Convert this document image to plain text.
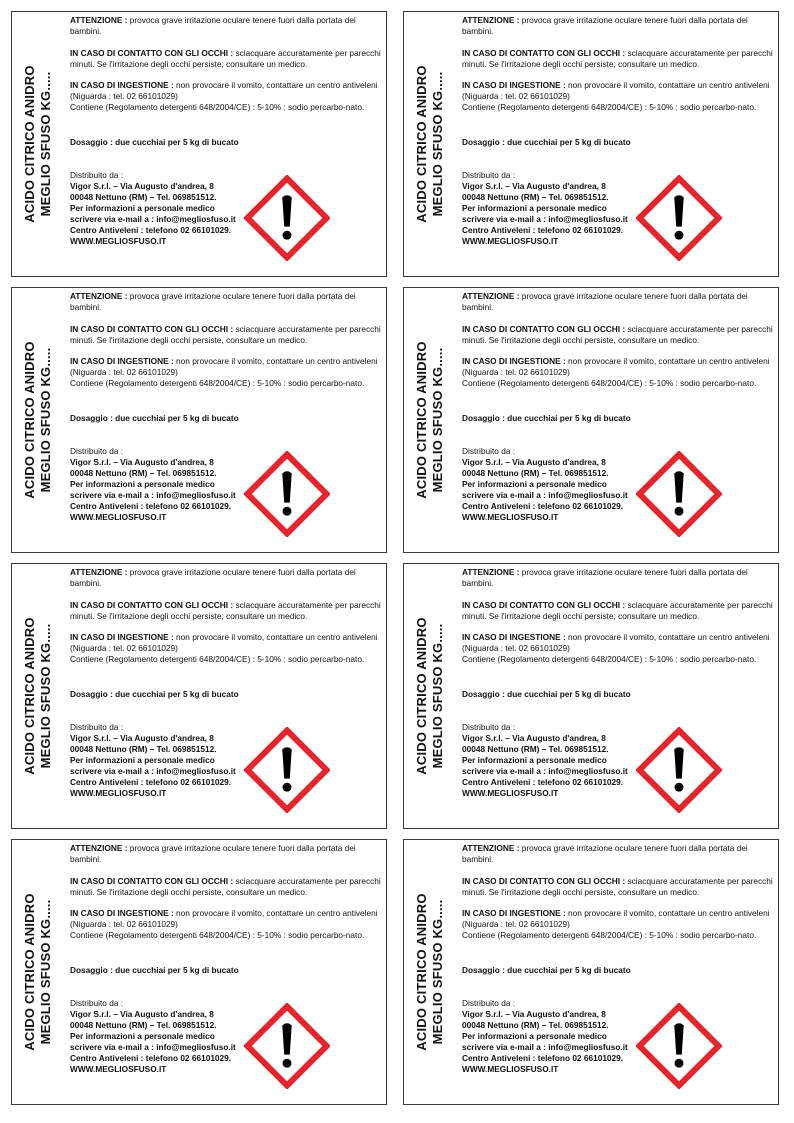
ACIDO CITRICO ANIDRO MEGLIO SFUSO KG.....

ATTENZIONE : provoca grave irritazione oculare tenere fuori dalla portata dei bambini.

IN CASO DI CONTATTO CON GLI OCCHI : sciacquare accuratamente per parecchi minuti. Se l'irritazione degli occhi persiste, consultare un medico.

IN CASO DI INGESTIONE : non provocare il vomito, contattare un centro antiveleni (Niguarda : tel. 02 66101029)

Contiene (Regolamento detergenti 648/2004/CE) : 5-10% : sodio percarbo-nato.

Dosaggio : due cucchiai per 5 kg di bucato

Distribuito da :

Vigor S.r.l. – Via Augusto d'andrea, 8

00048 Nettuno (RM) – Tel. 069851512.

Per informazioni a personale medico

scrivere via e-mail a : info@megliosfuso.it

Centro Antiveleni : telefono 02 66101029.

WWW.MEGLIOSFUSO.IT

ACIDO CITRICO ANIDRO MEGLIO SFUSO KG.....

ATTENZIONE : provoca grave irritazione oculare tenere fuori dalla portata dei bambini.

IN CASO DI CONTATTO CON GLI OCCHI : sciacquare accuratamente per parecchi minuti. Se l'irritazione degli occhi persiste, consultare un medico.

IN CASO DI INGESTIONE : non provocare il vomito, contattare un centro antiveleni (Niguarda : tel. 02 66101029)

Contiene (Regolamento detergenti 648/2004/CE) : 5-10% : sodio percarbo-nato.

Dosaggio : due cucchiai per 5 kg di bucato

Distribuito da :

Vigor S.r.l. – Via Augusto d'andrea, 8

00048 Nettuno (RM) – Tel. 069851512.

Per informazioni a personale medico

scrivere via e-mail a : info@megliosfuso.it

Centro Antiveleni : telefono 02 66101029.

WWW.MEGLIOSFUSO.IT

ACIDO CITRICO ANIDRO MEGLIO SFUSO KG.....

ATTENZIONE : provoca grave irritazione oculare tenere fuori dalla portata dei bambini.

IN CASO DI CONTATTO CON GLI OCCHI : sciacquare accuratamente per parecchi minuti. Se l'irritazione degli occhi persiste, consultare un medico.

IN CASO DI INGESTIONE : non provocare il vomito, contattare un centro antiveleni (Niguarda : tel. 02 66101029)

Contiene (Regolamento detergenti 648/2004/CE) : 5-10% : sodio percarbo-nato.

Dosaggio : due cucchiai per 5 kg di bucato

Distribuito da :

Vigor S.r.l. – Via Augusto d'andrea, 8

00048 Nettuno (RM) – Tel. 069851512.

Per informazioni a personale medico

scrivere via e-mail a : info@megliosfuso.it

Centro Antiveleni : telefono 02 66101029.

WWW.MEGLIOSFUSO.IT

ACIDO CITRICO ANIDRO MEGLIO SFUSO KG.....

ATTENZIONE : provoca grave irritazione oculare tenere fuori dalla portata dei bambini.

IN CASO DI CONTATTO CON GLI OCCHI : sciacquare accuratamente per parecchi minuti. Se l'irritazione degli occhi persiste, consultare un medico.

IN CASO DI INGESTIONE : non provocare il vomito, contattare un centro antiveleni (Niguarda : tel. 02 66101029)

Contiene (Regolamento detergenti 648/2004/CE) : 5-10% : sodio percarbo-nato.

Dosaggio : due cucchiai per 5 kg di bucato

Distribuito da :

Vigor S.r.l. – Via Augusto d'andrea, 8

00048 Nettuno (RM) – Tel. 069851512.

Per informazioni a personale medico

scrivere via e-mail a : info@megliosfuso.it

Centro Antiveleni : telefono 02 66101029.

WWW.MEGLIOSFUSO.IT

ACIDO CITRICO ANIDRO MEGLIO SFUSO KG.....

ATTENZIONE : provoca grave irritazione oculare tenere fuori dalla portata dei bambini.

IN CASO DI CONTATTO CON GLI OCCHI : sciacquare accuratamente per parecchi minuti. Se l'irritazione degli occhi persiste, consultare un medico.

IN CASO DI INGESTIONE : non provocare il vomito, contattare un centro antiveleni (Niguarda : tel. 02 66101029)

Contiene (Regolamento detergenti 648/2004/CE) : 5-10% : sodio percarbo-nato.

Dosaggio : due cucchiai per 5 kg di bucato

Distribuito da :

Vigor S.r.l. – Via Augusto d'andrea, 8

00048 Nettuno (RM) – Tel. 069851512.

Per informazioni a personale medico

scrivere via e-mail a : info@megliosfuso.it

Centro Antiveleni : telefono 02 66101029.

WWW.MEGLIOSFUSO.IT

ACIDO CITRICO ANIDRO MEGLIO SFUSO KG.....

ATTENZIONE : provoca grave irritazione oculare tenere fuori dalla portata dei bambini.

IN CASO DI CONTATTO CON GLI OCCHI : sciacquare accuratamente per parecchi minuti. Se l'irritazione degli occhi persiste, consultare un medico.

IN CASO DI INGESTIONE : non provocare il vomito, contattare un centro antiveleni (Niguarda : tel. 02 66101029)

Contiene (Regolamento detergenti 648/2004/CE) : 5-10% : sodio percarbo-nato.

Dosaggio : due cucchiai per 5 kg di bucato

Distribuito da :

Vigor S.r.l. – Via Augusto d'andrea, 8

00048 Nettuno (RM) – Tel. 069851512.

Per informazioni a personale medico

scrivere via e-mail a : info@megliosfuso.it

Centro Antiveleni : telefono 02 66101029.

WWW.MEGLIOSFUSO.IT

ACIDO CITRICO ANIDRO MEGLIO SFUSO KG.....

ATTENZIONE : provoca grave irritazione oculare tenere fuori dalla portata dei bambini.

IN CASO DI CONTATTO CON GLI OCCHI : sciacquare accuratamente per parecchi minuti. Se l'irritazione degli occhi persiste, consultare un medico.

IN CASO DI INGESTIONE : non provocare il vomito, contattare un centro antiveleni (Niguarda : tel. 02 66101029)

Contiene (Regolamento detergenti 648/2004/CE) : 5-10% : sodio percarbo-nato.

Dosaggio : due cucchiai per 5 kg di bucato

Distribuito da :

Vigor S.r.l. – Via Augusto d'andrea, 8

00048 Nettuno (RM) – Tel. 069851512.

Per informazioni a personale medico

scrivere via e-mail a : info@megliosfuso.it

Centro Antiveleni : telefono 02 66101029.

WWW.MEGLIOSFUSO.IT

ACIDO CITRICO ANIDRO MEGLIO SFUSO KG.....

ATTENZIONE : provoca grave irritazione oculare tenere fuori dalla portata dei bambini.

IN CASO DI CONTATTO CON GLI OCCHI : sciacquare accuratamente per parecchi minuti. Se l'irritazione degli occhi persiste, consultare un medico.

IN CASO DI INGESTIONE : non provocare il vomito, contattare un centro antiveleni (Niguarda : tel. 02 66101029)

Contiene (Regolamento detergenti 648/2004/CE) : 5-10% : sodio percarbo-nato.

Dosaggio : due cucchiai per 5 kg di bucato

Distribuito da :

Vigor S.r.l. – Via Augusto d'andrea, 8

00048 Nettuno (RM) – Tel. 069851512.

Per informazioni a personale medico

scrivere via e-mail a : info@megliosfuso.it

Centro Antiveleni : telefono 02 66101029.

WWW.MEGLIOSFUSO.IT
